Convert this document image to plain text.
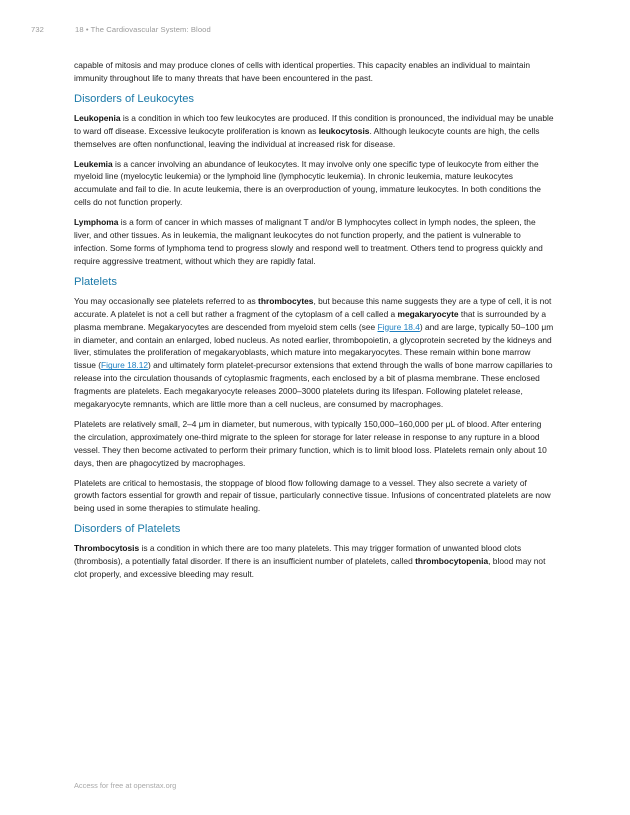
732	18 • The Cardiovascular System: Blood

capable of mitosis and may produce clones of cells with identical properties. This capacity enables an individual to maintain immunity throughout life to many threats that have been encountered in the past.

Disorders of Leukocytes

Leukopenia is a condition in which too few leukocytes are produced. If this condition is pronounced, the individual may be unable to ward off disease. Excessive leukocyte proliferation is known as leukocytosis. Although leukocyte counts are high, the cells themselves are often nonfunctional, leaving the individual at increased risk for disease.

Leukemia is a cancer involving an abundance of leukocytes. It may involve only one specific type of leukocyte from either the myeloid line (myelocytic leukemia) or the lymphoid line (lymphocytic leukemia). In chronic leukemia, mature leukocytes accumulate and fail to die. In acute leukemia, there is an overproduction of young, immature leukocytes. In both conditions the cells do not function properly.

Lymphoma is a form of cancer in which masses of malignant T and/or B lymphocytes collect in lymph nodes, the spleen, the liver, and other tissues. As in leukemia, the malignant leukocytes do not function properly, and the patient is vulnerable to infection. Some forms of lymphoma tend to progress slowly and respond well to treatment. Others tend to progress quickly and require aggressive treatment, without which they are rapidly fatal.

Platelets

You may occasionally see platelets referred to as thrombocytes, but because this name suggests they are a type of cell, it is not accurate. A platelet is not a cell but rather a fragment of the cytoplasm of a cell called a megakaryocyte that is surrounded by a plasma membrane. Megakaryocytes are descended from myeloid stem cells (see Figure 18.4) and are large, typically 50–100 μm in diameter, and contain an enlarged, lobed nucleus. As noted earlier, thrombopoietin, a glycoprotein secreted by the kidneys and liver, stimulates the proliferation of megakaryoblasts, which mature into megakaryocytes. These remain within bone marrow tissue (Figure 18.12) and ultimately form platelet-precursor extensions that extend through the walls of bone marrow capillaries to release into the circulation thousands of cytoplasmic fragments, each enclosed by a bit of plasma membrane. These enclosed fragments are platelets. Each megakaryocyte releases 2000–3000 platelets during its lifespan. Following platelet release, megakaryocyte remnants, which are little more than a cell nucleus, are consumed by macrophages.

Platelets are relatively small, 2–4 μm in diameter, but numerous, with typically 150,000–160,000 per μL of blood. After entering the circulation, approximately one-third migrate to the spleen for storage for later release in response to any rupture in a blood vessel. They then become activated to perform their primary function, which is to limit blood loss. Platelets remain only about 10 days, then are phagocytized by macrophages.

Platelets are critical to hemostasis, the stoppage of blood flow following damage to a vessel. They also secrete a variety of growth factors essential for growth and repair of tissue, particularly connective tissue. Infusions of concentrated platelets are now being used in some therapies to stimulate healing.

Disorders of Platelets

Thrombocytosis is a condition in which there are too many platelets. This may trigger formation of unwanted blood clots (thrombosis), a potentially fatal disorder. If there is an insufficient number of platelets, called thrombocytopenia, blood may not clot properly, and excessive bleeding may result.

Access for free at openstax.org
